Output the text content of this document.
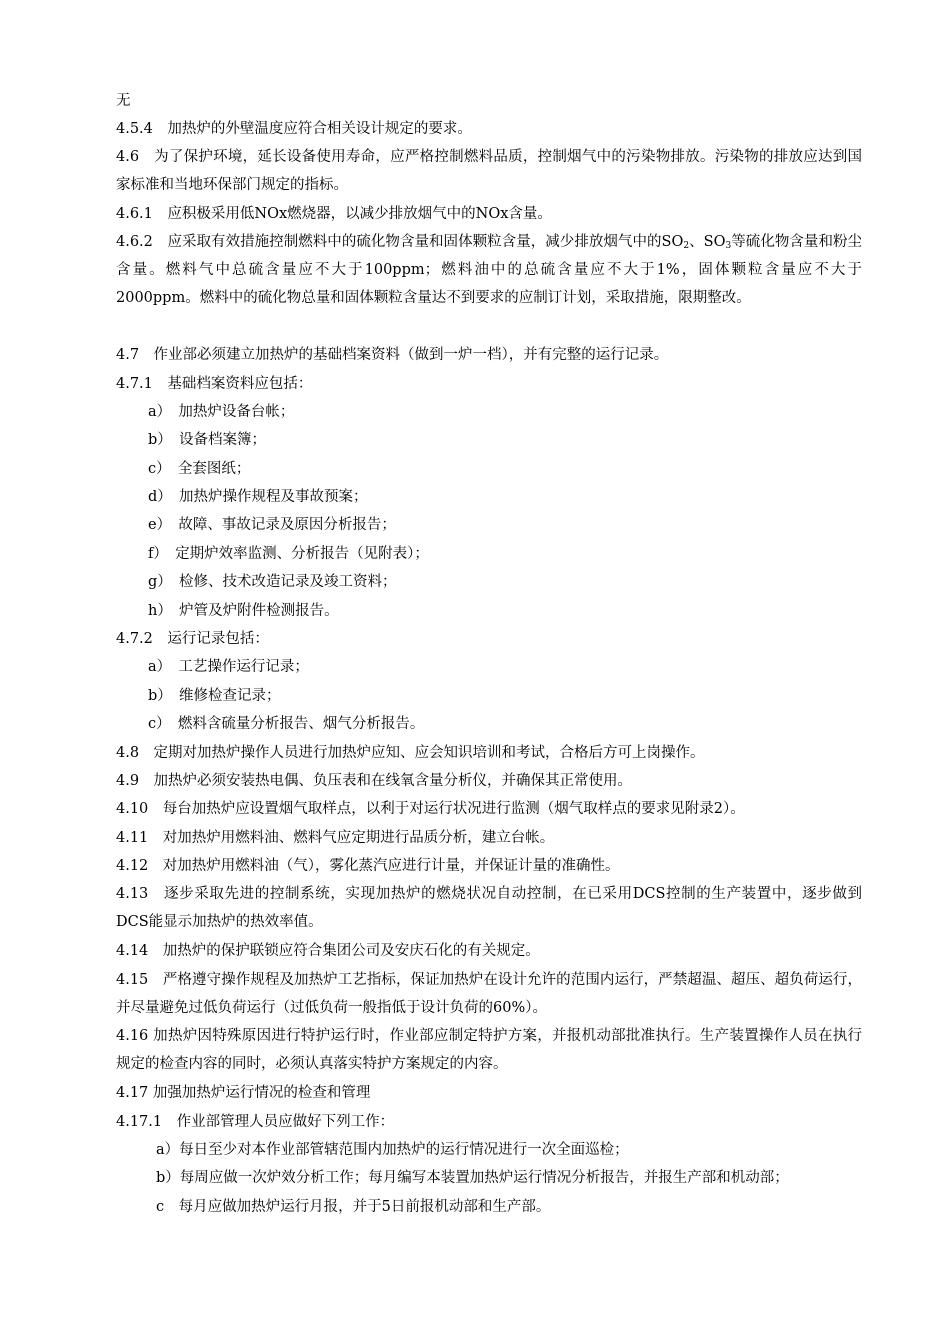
无
4.5.4　加热炉的外壁温度应符合相关设计规定的要求。
4.6　为了保护环境，延长设备使用寿命，应严格控制燃料品质，控制烟气中的污染物排放。污染物的排放应达到国家标准和当地环保部门规定的指标。
4.6.1　应积极采用低NOx燃烧器，以减少排放烟气中的NOx含量。
4.6.2　应采取有效措施控制燃料中的硫化物含量和固体颗粒含量，减少排放烟气中的$SO_2$、$SO_3$等硫化物含量和粉尘含量。燃料气中总硫含量应不大于100ppm；燃料油中的总硫含量应不大于1%，固体颗粒含量应不大于2000ppm。燃料中的硫化物总量和固体颗粒含量达不到要求的应制订计划，采取措施，限期整改。
4.7　作业部必须建立加热炉的基础档案资料（做到一炉一档），并有完整的运行记录。
4.7.1　基础档案资料应包括：
a）　加热炉设备台帐；
b）　设备档案簿；
c）　全套图纸；
d）　加热炉操作规程及事故预案；
e）　故障、事故记录及原因分析报告；
f）　定期炉效率监测、分析报告（见附表）；
g）　检修、技术改造记录及竣工资料；
h）　炉管及炉附件检测报告。
4.7.2　运行记录包括：
a）　工艺操作运行记录；
b）　维修检查记录；
c）　燃料含硫量分析报告、烟气分析报告。
4.8　定期对加热炉操作人员进行加热炉应知、应会知识培训和考试，合格后方可上岗操作。
4.9　加热炉必须安装热电偶、负压表和在线氧含量分析仪，并确保其正常使用。
4.10　每台加热炉应设置烟气取样点，以利于对运行状况进行监测（烟气取样点的要求见附录2）。
4.11　对加热炉用燃料油、燃料气应定期进行品质分析，建立台帐。
4.12　对加热炉用燃料油（气），雾化蒸汽应进行计量，并保证计量的准确性。
4.13　逐步采取先进的控制系统，实现加热炉的燃烧状况自动控制，在已采用DCS控制的生产装置中，逐步做到DCS能显示加热炉的热效率值。
4.14　加热炉的保护联锁应符合集团公司及安庆石化的有关规定。
4.15　严格遵守操作规程及加热炉工艺指标，保证加热炉在设计允许的范围内运行，严禁超温、超压、超负荷运行，并尽量避免过低负荷运行（过低负荷一般指低于设计负荷的60%）。
4.16 加热炉因特殊原因进行特护运行时，作业部应制定特护方案，并报机动部批准执行。生产装置操作人员在执行规定的检查内容的同时，必须认真落实特护方案规定的内容。
4.17 加强加热炉运行情况的检查和管理
4.17.1　作业部管理人员应做好下列工作：
a）每日至少对本作业部管辖范围内加热炉的运行情况进行一次全面巡检；
b）每周应做一次炉效分析工作；每月编写本装置加热炉运行情况分析报告，并报生产部和机动部；
c　每月应做加热炉运行月报，并于5日前报机动部和生产部。
